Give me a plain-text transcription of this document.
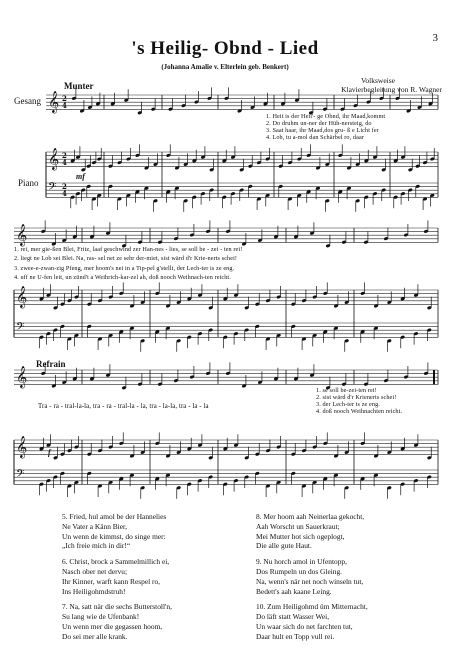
3
's Heilig- Obnd - Lied
(Johanna Amalie v. Elterlein geb. Benkert)
Volksweise
Klavierbegleitung von R. Wagner
Gesang
Piano
Munter
Refrain
mf
f
𝄞
𝄞
𝄢
2
4
2
4
2
4
𝄞
𝄞
𝄢
𝄞
𝄞
𝄢
1. Heit is der Heil'- ge Obnd, ihr Maad,kommt
2. Do druhm un-ner der Hüh-nersteig, do
3. Saat haar, ihr Maad,dos gru- ß e Licht fer
4. Lob, tu a-mol dan Schärbel ro, daar
1. rei, mer gie-ßen Blei, Fritz, laaf geschwind zer Han-nes - lies, se soll be - zei - ten rei!
2. liegt ne Lob sei Blei. Na, ras- sel net ze sehr der-miet, sist wärd d'r Krie-nerts schei!
3. zwee-e-zwan-zig Pfeng, mer hoom's nei in a Tip-pel g'stellt, der Lech-ter is ze eng.
4. uff ne U-fen leit, un zünd't a Weihrich-kar-zel ah, doß nooch Weihnach-ten reicht.
Tra - ra - tral-la-la, tra - ra - tral-la - la, tra - la-la, tra - la - la
1. se soll be-zei-ten rei!
2. sist wärd d'r Krienerts schei!
3. der Lech-ter is ze eng.
4. doß nooch Weihnachten reicht.
5. Fried, hul amol be der Hannelies
Ne Vater a Känn Bier,
Un wenn de kimmst, do singe mer:
„Ich freie mich in dir!“
6. Christ, brock a Sammelmillich ei,
Nasch ober net dervu;
Ihr Kinner, warft kann Respel ro,
Ins Heiligohmdstruh!
7. Na, satt när die sechs Butterstoll'n,
Su lang wie de Ufenbank!
Un wenn mer die gegassen hoom,
Do sei mer alle krank.
8. Mer hoom aah Neinerlaa gekocht,
Aah Worscht un Sauerkraut;
Mei Mutter hot sich ogeplogt,
Die alle gute Haut.
9. Nu horch amol in Ufentopp,
Dos Rumpeln un dos Gleing.
Na, wenn's när net noch winseln tut,
Bedett's aah kaane Leing.
10. Zum Heiligohmd üm Mitternacht,
Do läft statt Wasser Wei,
Un waar sich do net farchten tut,
Daar hult en Topp vull rei.
